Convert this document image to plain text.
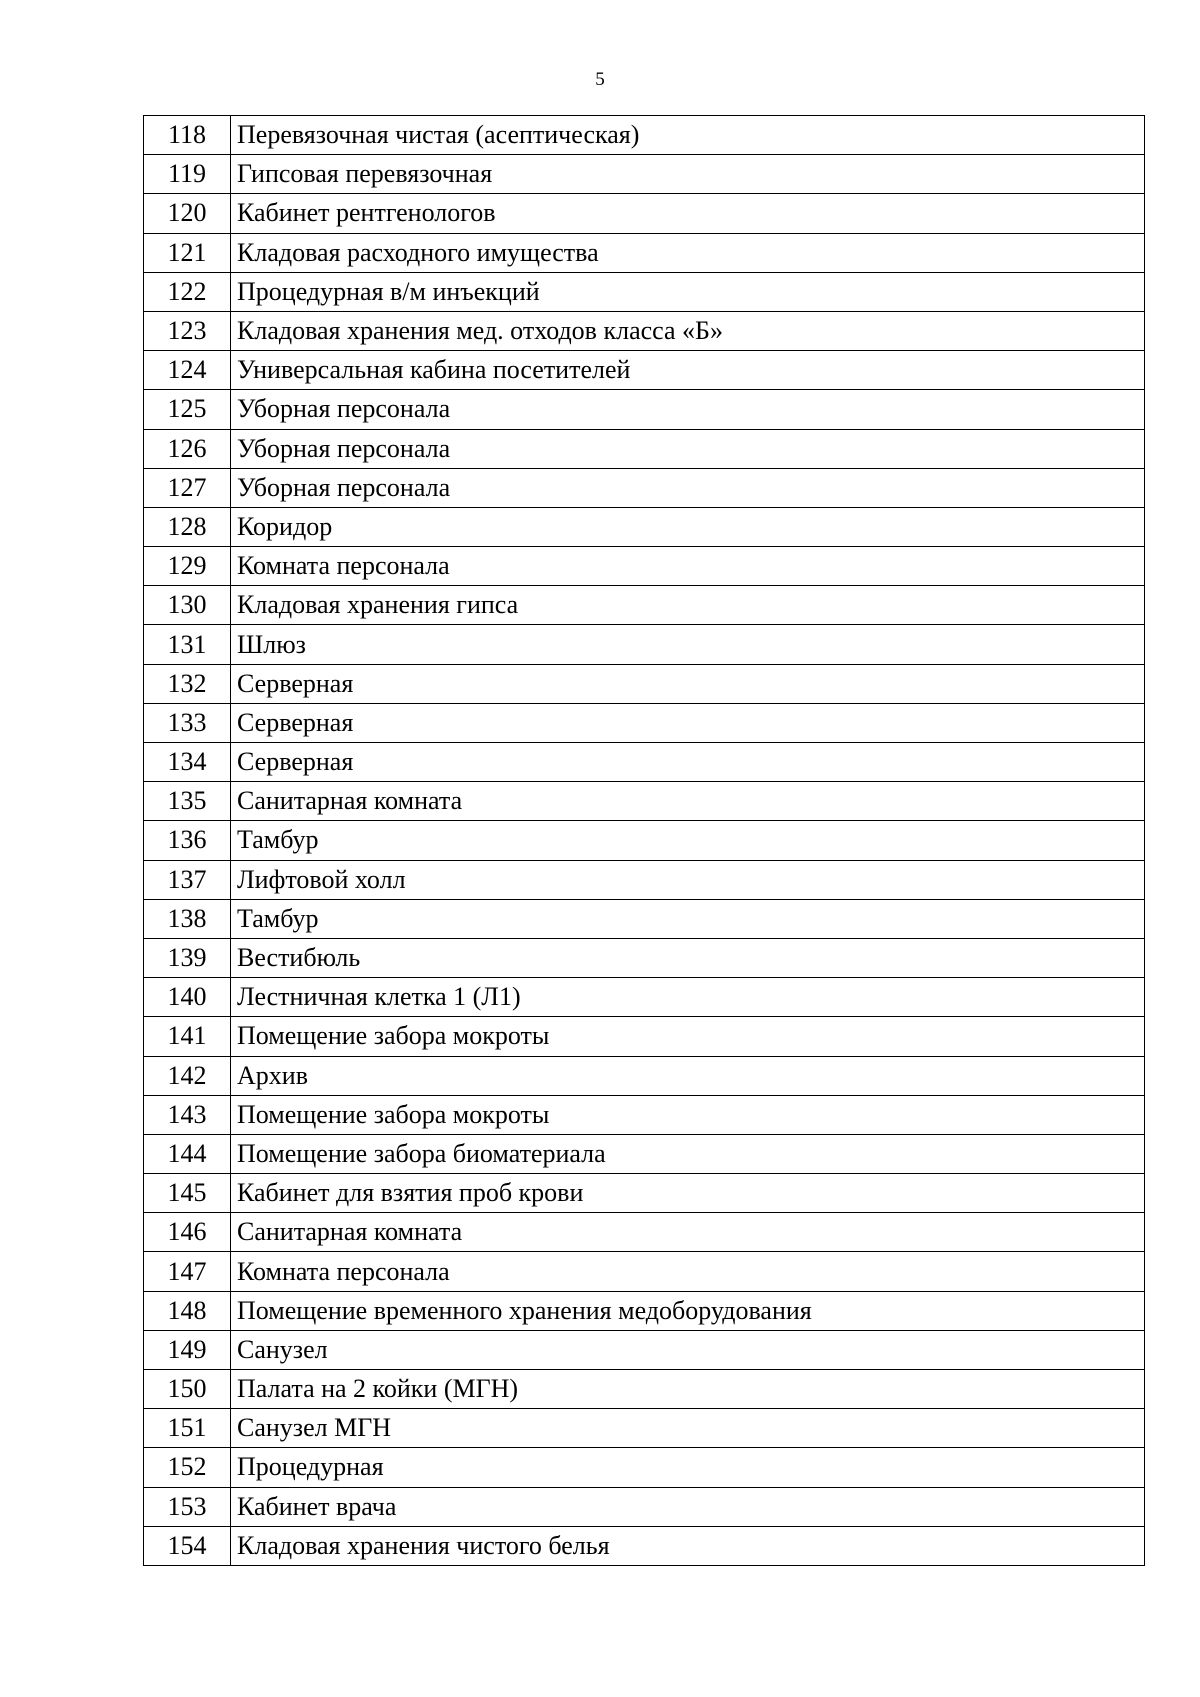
5
118	Перевязочная чистая (асептическая)
119	Гипсовая перевязочная
120	Кабинет рентгенологов
121	Кладовая расходного имущества
122	Процедурная в/м инъекций
123	Кладовая хранения мед. отходов класса «Б»
124	Универсальная кабина посетителей
125	Уборная персонала
126	Уборная персонала
127	Уборная персонала
128	Коридор
129	Комната персонала
130	Кладовая хранения гипса
131	Шлюз
132	Серверная
133	Серверная
134	Серверная
135	Санитарная комната
136	Тамбур
137	Лифтовой холл
138	Тамбур
139	Вестибюль
140	Лестничная клетка 1 (Л1)
141	Помещение забора мокроты
142	Архив
143	Помещение забора мокроты
144	Помещение забора биоматериала
145	Кабинет для взятия проб крови
146	Санитарная комната
147	Комната персонала
148	Помещение временного хранения медоборудования
149	Санузел
150	Палата на 2 койки (МГН)
151	Санузел МГН
152	Процедурная
153	Кабинет врача
154	Кладовая хранения чистого белья
